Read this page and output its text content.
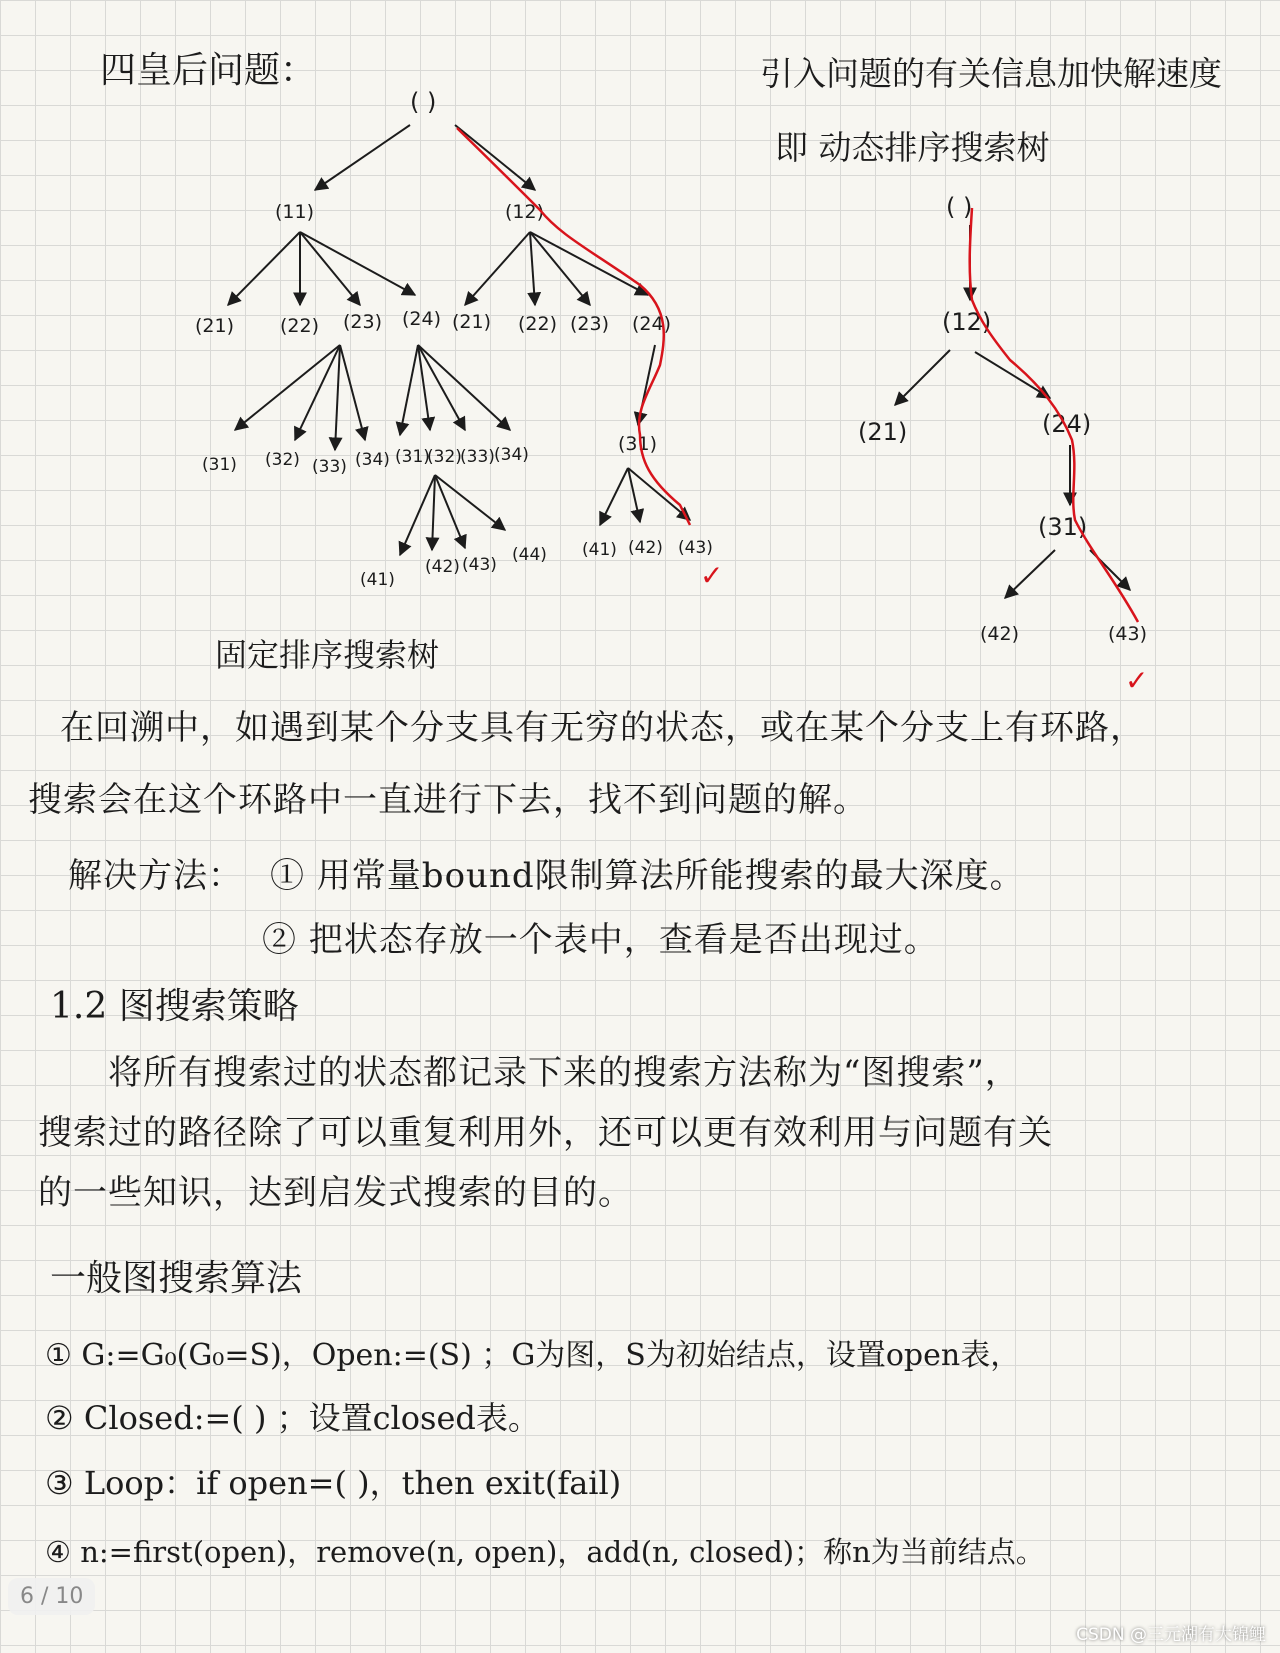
四皇后问题：	引入问题的有关信息加快解速度
即 动态排序搜索树
( )
(11)	(12)
(21) (22) (23) (24) (21) (22) (23) (24)
(31) (32) (33) (34) (31)
(32)
(33) (34)
(41)
(42) (43) (44)
(31)
(41) (42) (43)
✓
固定排序搜索树
( )
(12)
(21)	(24)
(31)
(42)	(43)
✓
在回溯中，如遇到某个分支具有无穷的状态，或在某个分支上有环路，
搜索会在这个环路中一直进行下去，找不到问题的解。
解决方法： ① 用常量bound限制算法所能搜索的最大深度。
② 把状态存放一个表中，查看是否出现过。
1.2 图搜索策略
将所有搜索过的状态都记录下来的搜索方法称为“图搜索”，
搜索过的路径除了可以重复利用外，还可以更有效利用与问题有关
的一些知识，达到启发式搜索的目的。
一般图搜索算法
① G:=G₀(G₀=S)，Open:=(S) ；G为图，S为初始结点，设置open表，
② Closed:=( ) ；设置closed表。
③ Loop：if open=( )，then exit(fail)
④ n:=first(open)，remove(n, open)，add(n, closed)；称n为当前结点。
6 / 10
CSDN @三元湖有大锦鲤
